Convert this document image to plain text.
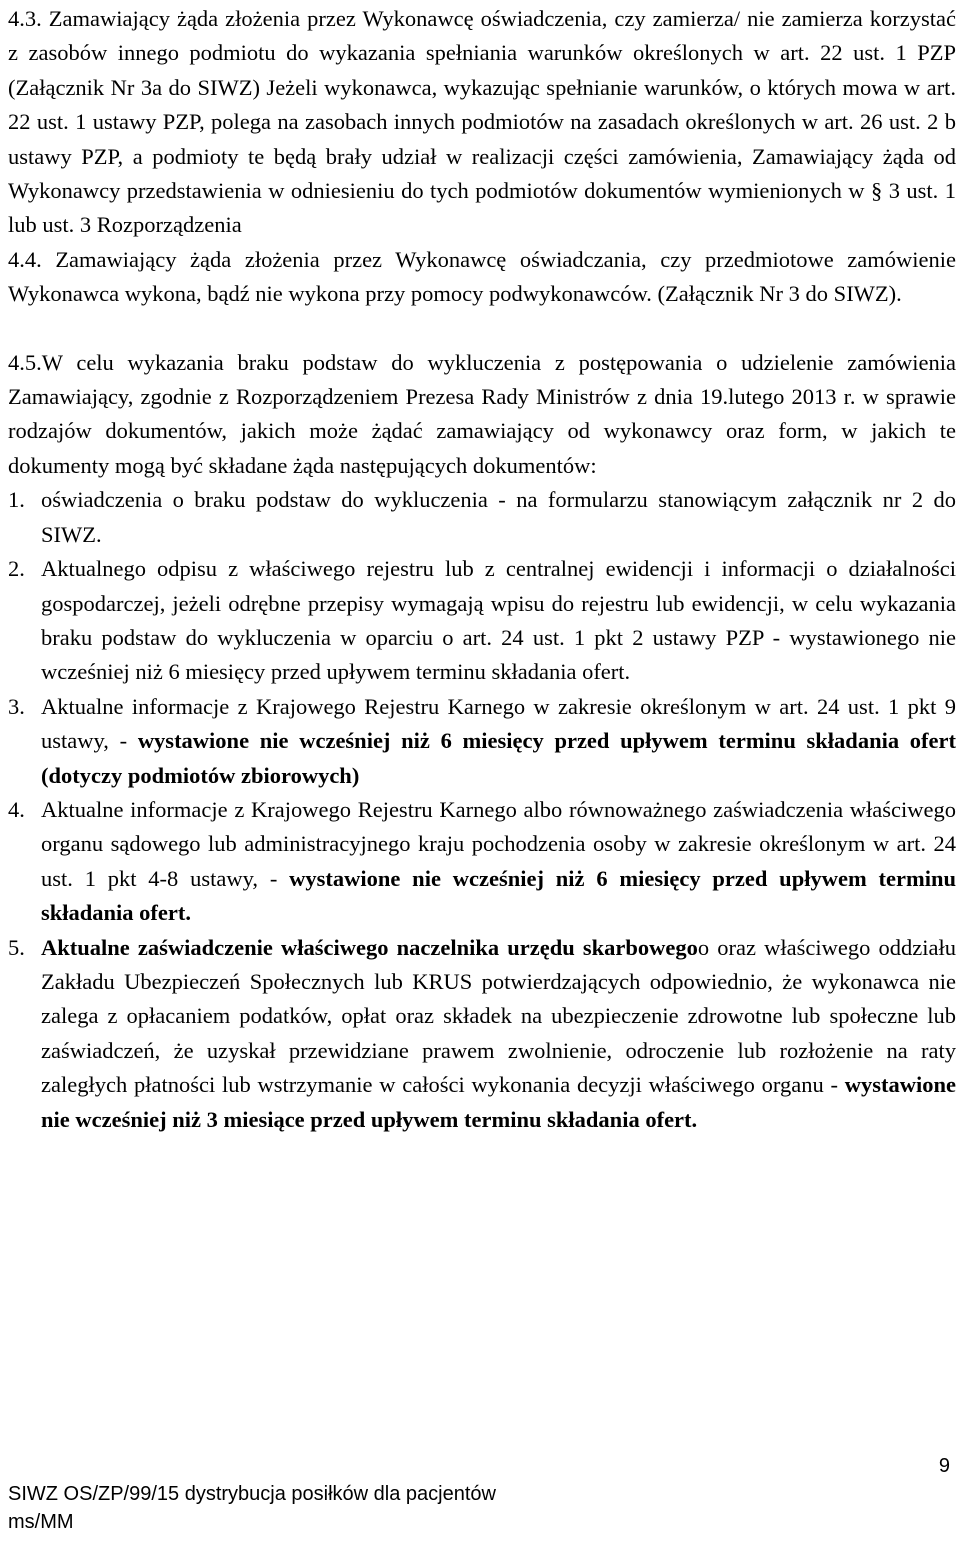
4.3. Zamawiający żąda złożenia przez Wykonawcę oświadczenia, czy zamierza/ nie zamierza korzystać z zasobów innego podmiotu do wykazania spełniania warunków określonych w art. 22 ust. 1 PZP (Załącznik Nr 3a do SIWZ) Jeżeli wykonawca, wykazując spełnianie warunków, o których mowa w art. 22 ust. 1 ustawy PZP, polega na zasobach innych podmiotów na zasadach określonych w art. 26 ust. 2 b ustawy PZP, a podmioty te będą brały udział w realizacji części zamówienia, Zamawiający żąda od Wykonawcy przedstawienia w odniesieniu do tych podmiotów dokumentów wymienionych w § 3 ust. 1 lub ust. 3 Rozporządzenia

4.4. Zamawiający żąda złożenia przez Wykonawcę oświadczania, czy przedmiotowe zamówienie Wykonawca wykona, bądź nie wykona przy pomocy podwykonawców. (Załącznik Nr 3 do SIWZ).

4.5.W celu wykazania braku podstaw do wykluczenia z postępowania o udzielenie zamówienia Zamawiający, zgodnie z Rozporządzeniem Prezesa Rady Ministrów z dnia 19.lutego 2013 r. w sprawie rodzajów dokumentów, jakich może żądać zamawiający od wykonawcy oraz form, w jakich te dokumenty mogą być składane żąda następujących dokumentów:

1. oświadczenia o braku podstaw do wykluczenia - na formularzu stanowiącym załącznik nr 2 do SIWZ.
2. Aktualnego odpisu z właściwego rejestru lub z centralnej ewidencji i informacji o działalności gospodarczej, jeżeli odrębne przepisy wymagają wpisu do rejestru lub ewidencji, w celu wykazania braku podstaw do wykluczenia w oparciu o art. 24 ust. 1 pkt 2 ustawy PZP - wystawionego nie wcześniej niż 6 miesięcy przed upływem terminu składania ofert.
3. Aktualne informacje z Krajowego Rejestru Karnego w zakresie określonym w art. 24 ust. 1 pkt 9 ustawy, - wystawione nie wcześniej niż 6 miesięcy przed upływem terminu składania ofert (dotyczy podmiotów zbiorowych)
4. Aktualne informacje z Krajowego Rejestru Karnego albo równoważnego zaświadczenia właściwego organu sądowego lub administracyjnego kraju pochodzenia osoby w zakresie określonym w art. 24 ust. 1 pkt 4-8 ustawy, - wystawione nie wcześniej niż 6 miesięcy przed upływem terminu składania ofert.
5. Aktualne zaświadczenie właściwego naczelnika urzędu skarbowegoo oraz właściwego oddziału Zakładu Ubezpieczeń Społecznych lub KRUS potwierdzających odpowiednio, że wykonawca nie zalega z opłacaniem podatków, opłat oraz składek na ubezpieczenie zdrowotne lub społeczne lub zaświadczeń, że uzyskał przewidziane prawem zwolnienie, odroczenie lub rozłożenie na raty zaległych płatności lub wstrzymanie w całości wykonania decyzji właściwego organu - wystawione nie wcześniej niż 3 miesiące przed upływem terminu składania ofert.
9
SIWZ OS/ZP/99/15 dystrybucja posiłków dla pacjentów
ms/MM
